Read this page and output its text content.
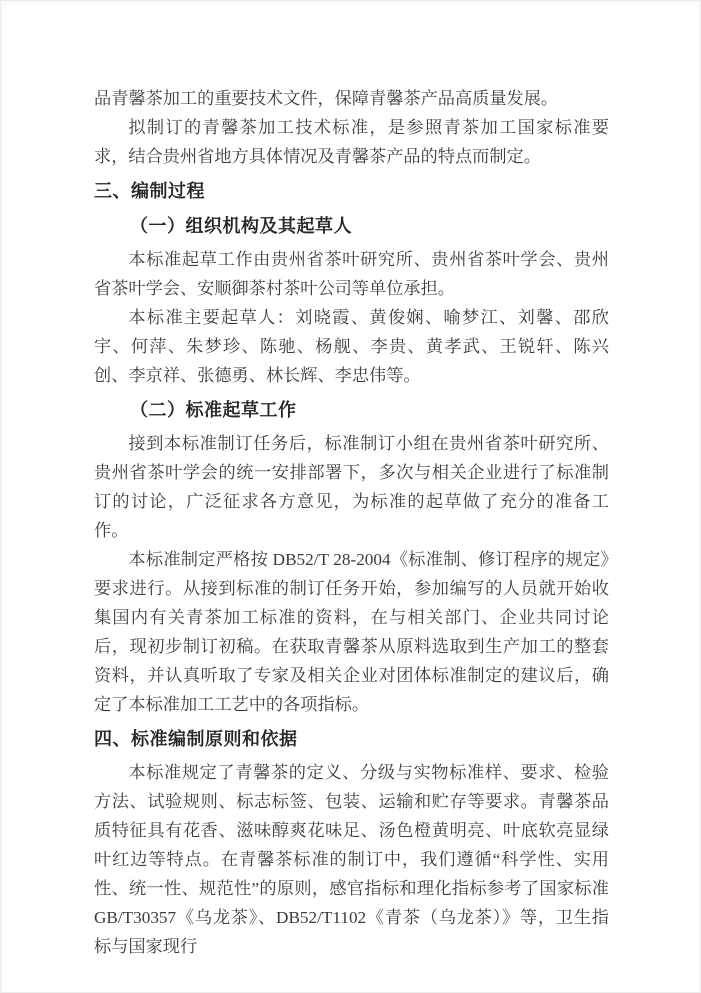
品青馨茶加工的重要技术文件，保障青馨茶产品高质量发展。

拟制订的青馨茶加工技术标准，是参照青茶加工国家标准要求，结合贵州省地方具体情况及青馨茶产品的特点而制定。

三、编制过程
（一）组织机构及其起草人

本标准起草工作由贵州省茶叶研究所、贵州省茶叶学会、贵州省茶叶学会、安顺御茶村茶叶公司等单位承担。

本标准主要起草人：刘晓霞、黄俊娴、喻梦江、刘馨、邵欣宇、何萍、朱梦珍、陈驰、杨舰、李贵、黄孝武、王锐轩、陈兴创、李京祥、张德勇、林长辉、李忠伟等。

（二）标准起草工作

接到本标准制订任务后，标准制订小组在贵州省茶叶研究所、贵州省茶叶学会的统一安排部署下，多次与相关企业进行了标准制订的讨论，广泛征求各方意见，为标准的起草做了充分的准备工作。

本标准制定严格按 DB52/T 28-2004《标准制、修订程序的规定》要求进行。从接到标准的制订任务开始，参加编写的人员就开始收集国内有关青茶加工标准的资料，在与相关部门、企业共同讨论后，现初步制订初稿。在获取青馨茶从原料选取到生产加工的整套资料，并认真听取了专家及相关企业对团体标准制定的建议后，确定了本标准加工工艺中的各项指标。

四、标准编制原则和依据

本标准规定了青馨茶的定义、分级与实物标准样、要求、检验方法、试验规则、标志标签、包装、运输和贮存等要求。青馨茶品质特征具有花香、滋味醇爽花味足、汤色橙黄明亮、叶底软亮显绿叶红边等特点。在青馨茶标准的制订中，我们遵循“科学性、实用性、统一性、规范性”的原则，感官指标和理化指标参考了国家标准 GB/T30357《乌龙茶》、DB52/T1102《青茶（乌龙茶）》等，卫生指标与国家现行
